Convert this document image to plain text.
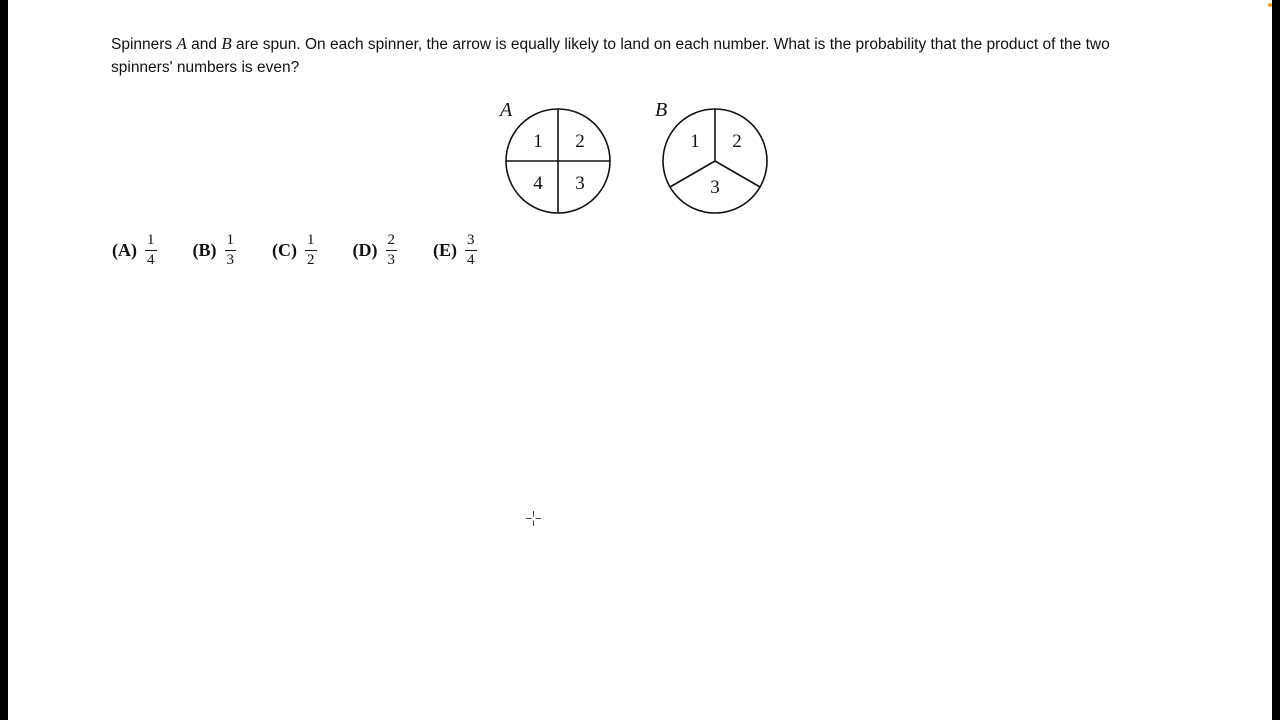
Spinners A and B are spun. On each spinner, the arrow is equally likely to land on each number. What is the probability that the product of the two spinners' numbers is even?
A
1 2
3
4
B
1 2
3
$(A) \frac{1}{4} (B) \frac{1}{3} (C) \frac{1}{2} (D) \frac{2}{3} (E) \frac{3}{4}$
